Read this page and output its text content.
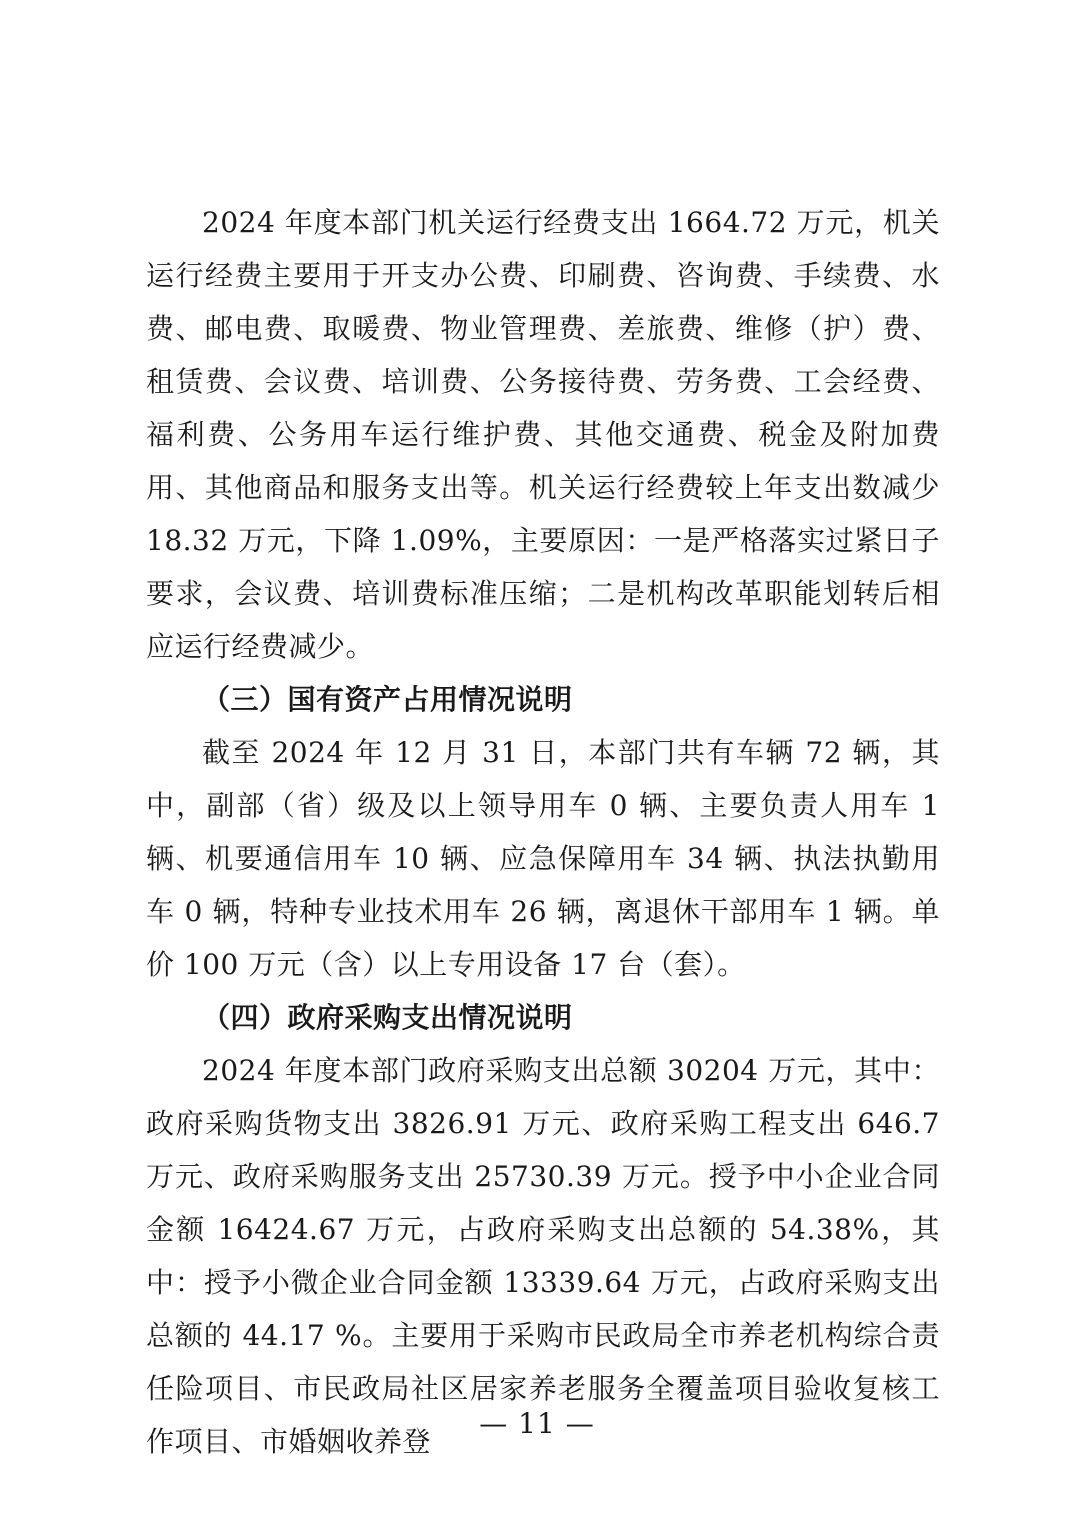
2024 年度本部门机关运行经费支出 1664.72 万元，机关运行经费主要用于开支办公费、印刷费、咨询费、手续费、水费、邮电费、取暖费、物业管理费、差旅费、维修（护）费、租赁费、会议费、培训费、公务接待费、劳务费、工会经费、福利费、公务用车运行维护费、其他交通费、税金及附加费用、其他商品和服务支出等。机关运行经费较上年支出数减少 18.32 万元，下降 1.09%，主要原因：一是严格落实过紧日子要求，会议费、培训费标准压缩；二是机构改革职能划转后相应运行经费减少。

（三）国有资产占用情况说明

截至 2024 年 12 月 31 日，本部门共有车辆 72 辆，其中，副部（省）级及以上领导用车 0 辆、主要负责人用车 1 辆、机要通信用车 10 辆、应急保障用车 34 辆、执法执勤用车 0 辆，特种专业技术用车 26 辆，离退休干部用车 1 辆。单价 100 万元（含）以上专用设备 17 台（套）。

（四）政府采购支出情况说明

2024 年度本部门政府采购支出总额 30204 万元，其中：政府采购货物支出 3826.91 万元、政府采购工程支出 646.7 万元、政府采购服务支出 25730.39 万元。授予中小企业合同金额 16424.67 万元，占政府采购支出总额的 54.38%，其中：授予小微企业合同金额 13339.64 万元，占政府采购支出总额的 44.17 %。主要用于采购市民政局全市养老机构综合责任险项目、市民政局社区居家养老服务全覆盖项目验收复核工作项目、市婚姻收养登

— 11 —
